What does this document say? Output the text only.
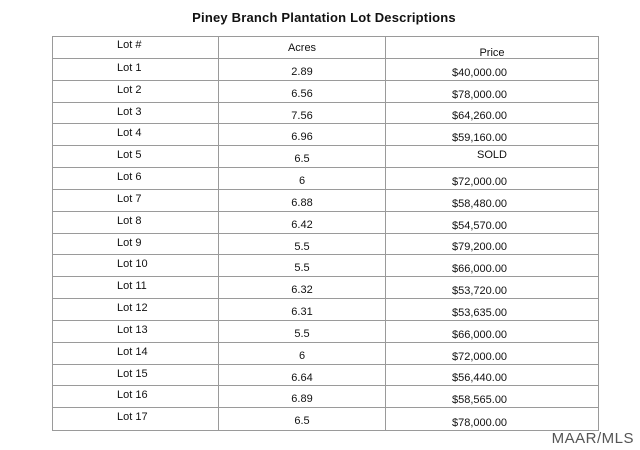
Piney Branch Plantation Lot Descriptions
Lot #	Acres	Price
Lot 1	2.89	$40,000.00
Lot 2	6.56	$78,000.00
Lot 3	7.56	$64,260.00
Lot 4	6.96	$59,160.00
Lot 5	6.5	SOLD
Lot 6	6	$72,000.00
Lot 7	6.88	$58,480.00
Lot 8	6.42	$54,570.00
Lot 9	5.5	$79,200.00
Lot 10	5.5	$66,000.00
Lot 11	6.32	$53,720.00
Lot 12	6.31	$53,635.00
Lot 13	5.5	$66,000.00
Lot 14	6	$72,000.00
Lot 15	6.64	$56,440.00
Lot 16	6.89	$58,565.00
Lot 17	6.5	$78,000.00
MAAR/MLS
